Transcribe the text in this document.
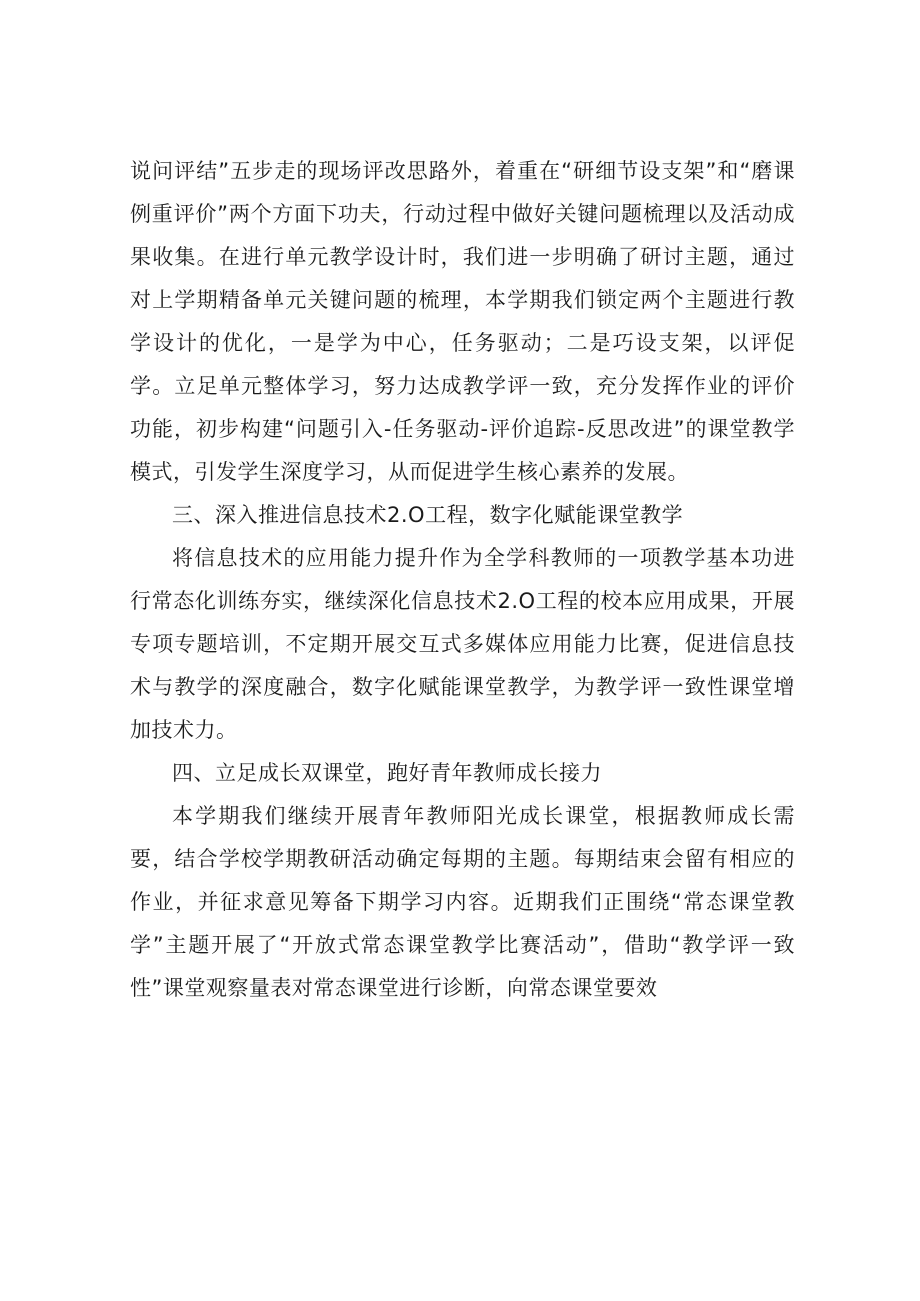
说问评结”五步走的现场评改思路外，着重在“研细节设支架”和“磨课例重评价”两个方面下功夫，行动过程中做好关键问题梳理以及活动成果收集。在进行单元教学设计时，我们进一步明确了研讨主题，通过对上学期精备单元关键问题的梳理，本学期我们锁定两个主题进行教学设计的优化，一是学为中心，任务驱动；二是巧设支架，以评促学。立足单元整体学习，努力达成教学评一致，充分发挥作业的评价功能，初步构建“问题引入-任务驱动-评价追踪-反思改进”的课堂教学模式，引发学生深度学习，从而促进学生核心素养的发展。

三、深入推进信息技术2.O工程，数字化赋能课堂教学

将信息技术的应用能力提升作为全学科教师的一项教学基本功进行常态化训练夯实，继续深化信息技术2.O工程的校本应用成果，开展专项专题培训，不定期开展交互式多媒体应用能力比赛，促进信息技术与教学的深度融合，数字化赋能课堂教学，为教学评一致性课堂增加技术力。

四、立足成长双课堂，跑好青年教师成长接力

本学期我们继续开展青年教师阳光成长课堂，根据教师成长需要，结合学校学期教研活动确定每期的主题。每期结束会留有相应的作业，并征求意见筹备下期学习内容。近期我们正围绕“常态课堂教学”主题开展了“开放式常态课堂教学比赛活动”，借助“教学评一致性”课堂观察量表对常态课堂进行诊断，向常态课堂要效
